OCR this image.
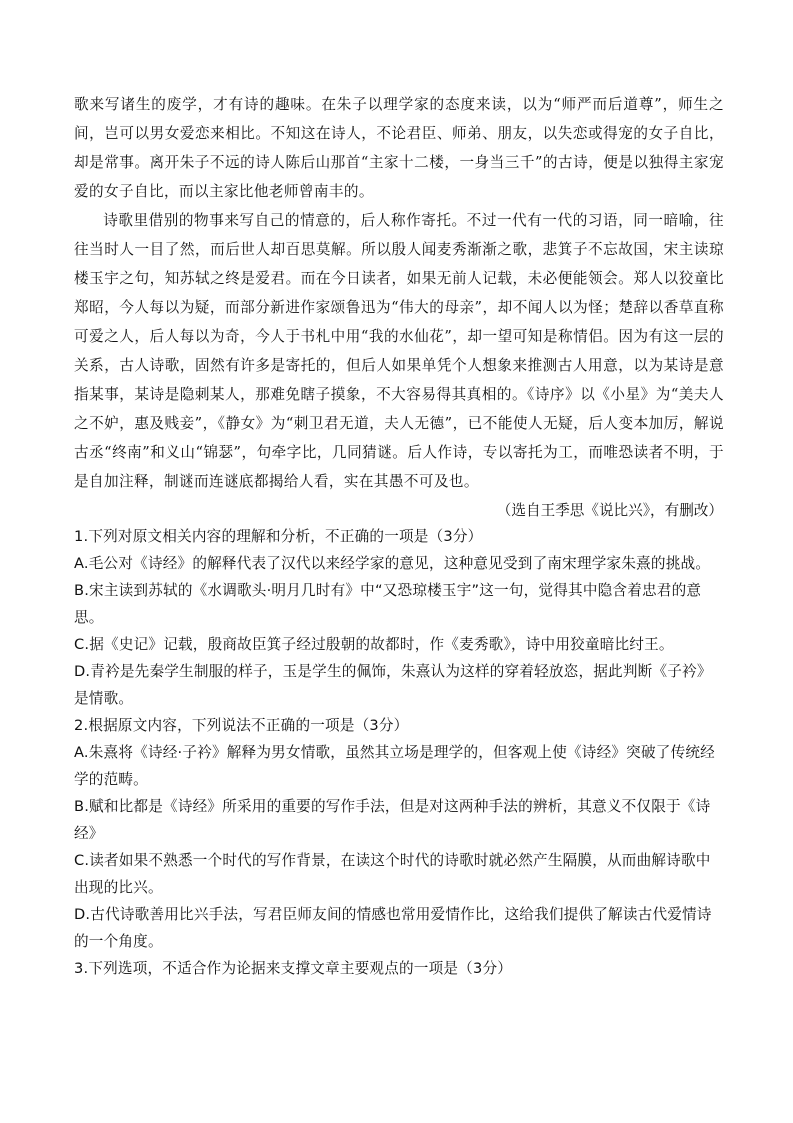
歌来写诸生的废学，才有诗的趣味。在朱子以理学家的态度来读，以为“师严而后道尊”，师生之间，岂可以男女爱恋来相比。不知这在诗人，不论君臣、师弟、朋友，以失恋或得宠的女子自比，却是常事。离开朱子不远的诗人陈后山那首“主家十二楼，一身当三千”的古诗，便是以独得主家宠爱的女子自比，而以主家比他老师曾南丰的。

诗歌里借别的物事来写自己的情意的，后人称作寄托。不过一代有一代的习语，同一暗喻，往往当时人一目了然，而后世人却百思莫解。所以殷人闻麦秀渐渐之歌，悲箕子不忘故国，宋主读琼楼玉宇之句，知苏轼之终是爱君。而在今日读者，如果无前人记载，未必便能领会。郑人以狡童比郑昭，今人每以为疑，而部分新进作家颂鲁迅为“伟大的母亲”，却不闻人以为怪；楚辞以香草直称可爱之人，后人每以为奇，今人于书札中用“我的水仙花”，却一望可知是称情侣。因为有这一层的关系，古人诗歌，固然有许多是寄托的，但后人如果单凭个人想象来推测古人用意，以为某诗是意指某事，某诗是隐刺某人，那难免瞎子摸象，不大容易得其真相的。《诗序》以《小星》为“美夫人之不妒，惠及贱妾”，《静女》为“刺卫君无道，夫人无德”，已不能使人无疑，后人变本加厉，解说古丞“终南”和义山“锦瑟”，句牵字比，几同猜谜。后人作诗，专以寄托为工，而唯恐读者不明，于是自加注释，制谜而连谜底都揭给人看，实在其愚不可及也。

（选自王季思《说比兴》，有删改）
1.下列对原文相关内容的理解和分析，不正确的一项是（3分）
A.毛公对《诗经》的解释代表了汉代以来经学家的意见，这种意见受到了南宋理学家朱熹的挑战。
B.宋主读到苏轼的《水调歌头·明月几时有》中“又恐琼楼玉宇”这一句，觉得其中隐含着忠君的意思。
C.据《史记》记载，殷商故臣箕子经过殷朝的故都时，作《麦秀歌》，诗中用狡童暗比纣王。
D.青衿是先秦学生制服的样子，玉是学生的佩饰，朱熹认为这样的穿着轻放恣，据此判断《子衿》是情歌。
2.根据原文内容，下列说法不正确的一项是（3分）
A.朱熹将《诗经·子衿》解释为男女情歌，虽然其立场是理学的，但客观上使《诗经》突破了传统经学的范畴。
B.赋和比都是《诗经》所采用的重要的写作手法，但是对这两种手法的辨析，其意义不仅限于《诗经》
C.读者如果不熟悉一个时代的写作背景，在读这个时代的诗歌时就必然产生隔膜，从而曲解诗歌中出现的比兴。
D.古代诗歌善用比兴手法，写君臣师友间的情感也常用爱情作比，这给我们提供了解读古代爱情诗的一个角度。
3.下列选项，不适合作为论据来支撑文章主要观点的一项是（3分）
